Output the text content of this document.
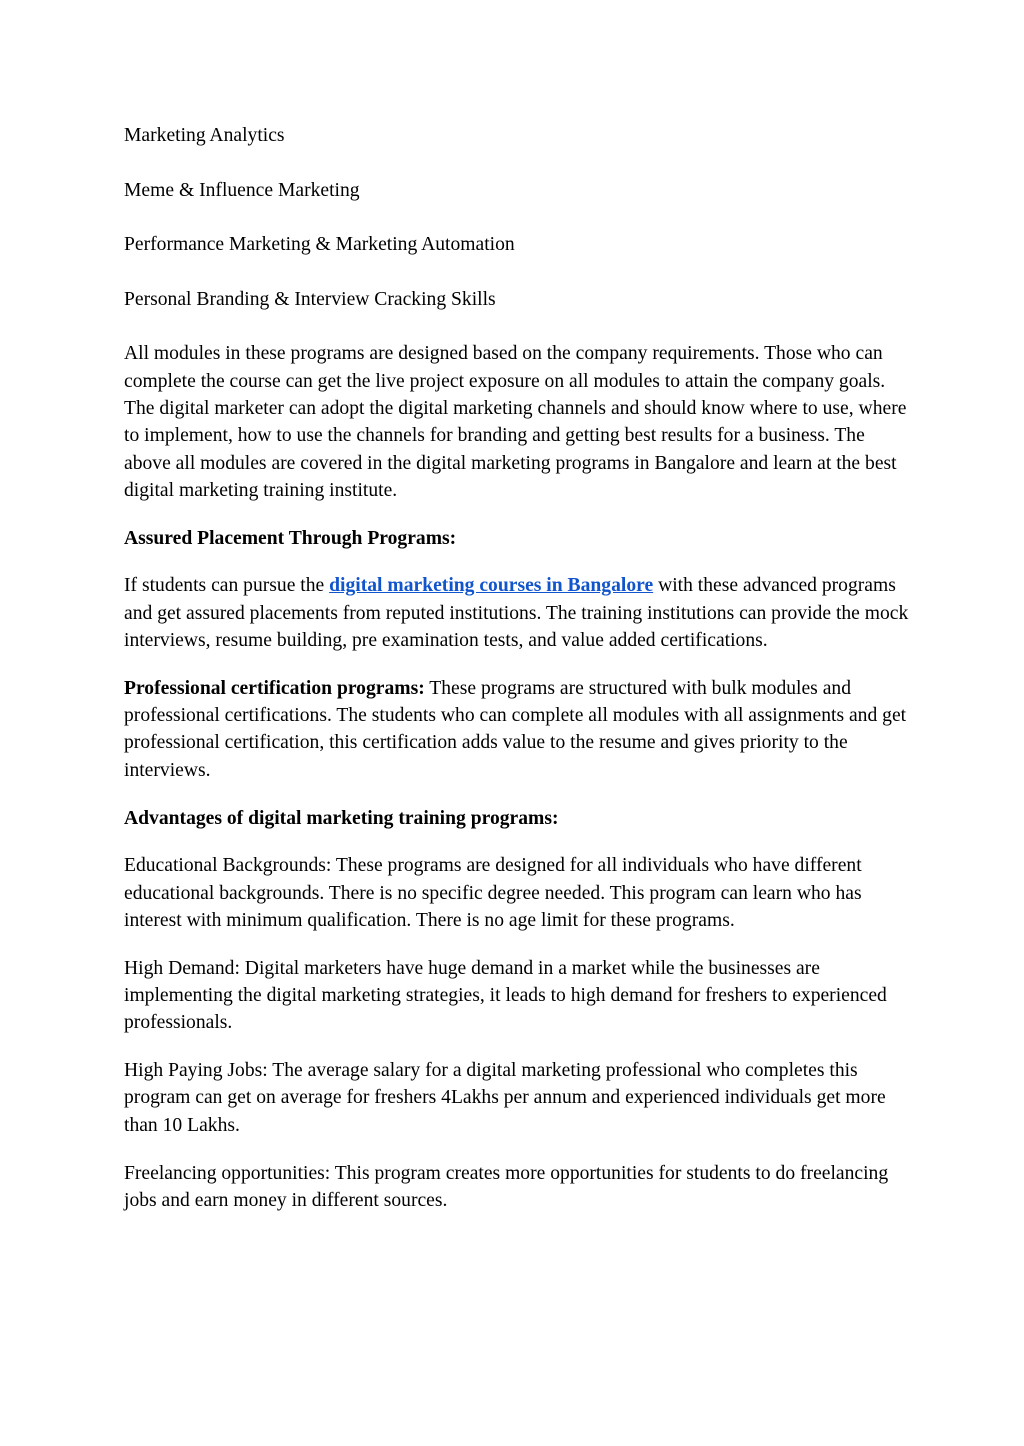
Marketing Analytics

Meme & Influence Marketing

Performance Marketing & Marketing Automation

Personal Branding & Interview Cracking Skills

All modules in these programs are designed based on the company requirements. Those who can complete the course can get the live project exposure on all modules to attain the company goals. The digital marketer can adopt the digital marketing channels and should know where to use, where to implement, how to use the channels for branding and getting best results for a business. The above all modules are covered in the digital marketing programs in Bangalore and learn at the best digital marketing training institute.

Assured Placement Through Programs:

If students can pursue the digital marketing courses in Bangalore with these advanced programs and get assured placements from reputed institutions. The training institutions can provide the mock interviews, resume building, pre examination tests, and value added certifications.

Professional certification programs: These programs are structured with bulk modules and professional certifications. The students who can complete all modules with all assignments and get professional certification, this certification adds value to the resume and gives priority to the interviews.

Advantages of digital marketing training programs:

Educational Backgrounds: These programs are designed for all individuals who have different educational backgrounds. There is no specific degree needed. This program can learn who has interest with minimum qualification. There is no age limit for these programs.

High Demand: Digital marketers have huge demand in a market while the businesses are implementing the digital marketing strategies, it leads to high demand for freshers to experienced professionals.

High Paying Jobs: The average salary for a digital marketing professional who completes this program can get on average for freshers 4Lakhs per annum and experienced individuals get more than 10 Lakhs.

Freelancing opportunities: This program creates more opportunities for students to do freelancing jobs and earn money in different sources.
